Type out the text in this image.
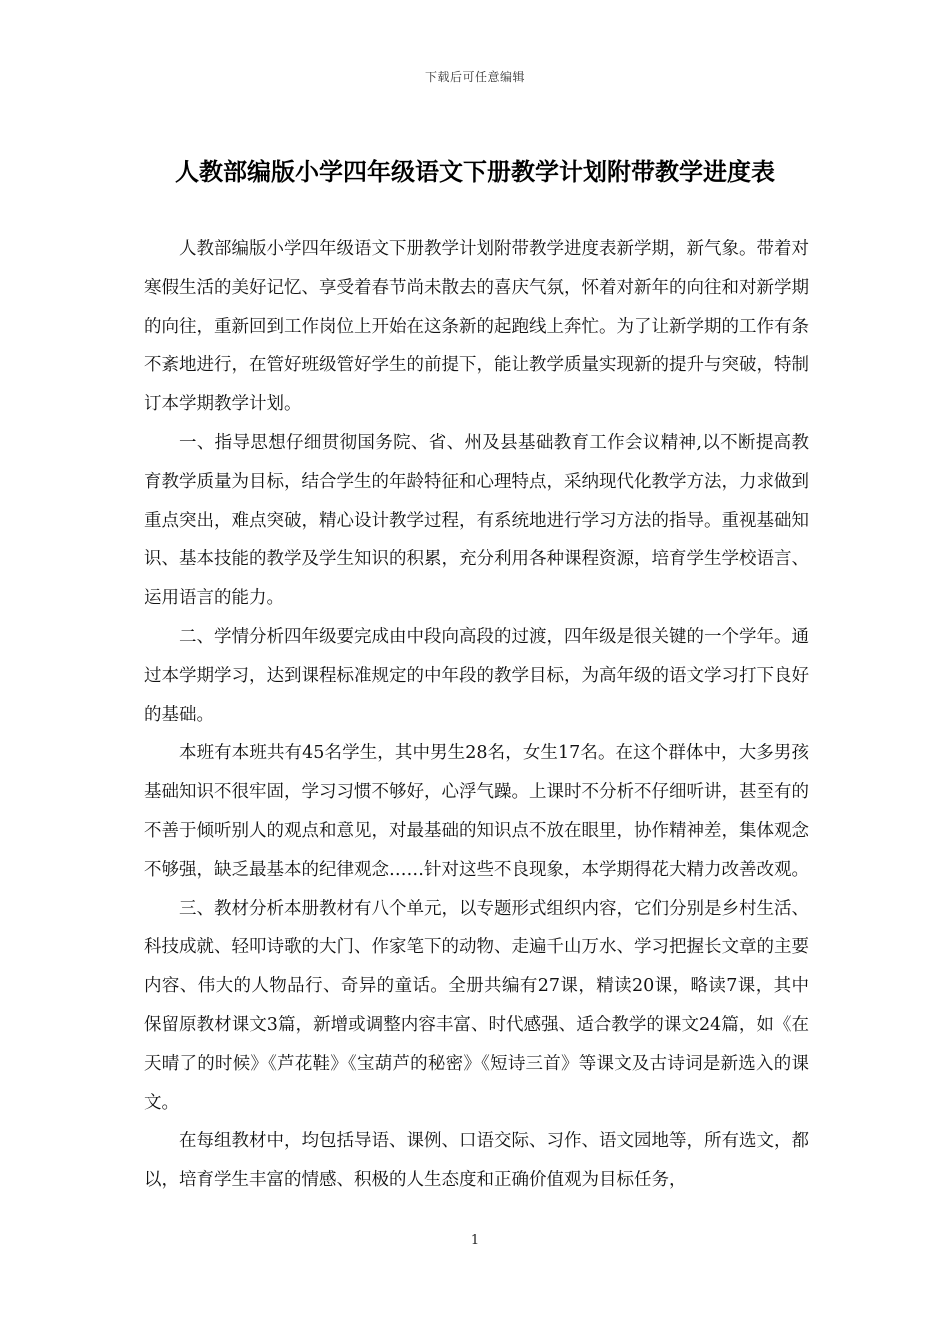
下载后可任意编辑
人教部编版小学四年级语文下册教学计划附带教学进度表

人教部编版小学四年级语文下册教学计划附带教学进度表新学期，新气象。带着对寒假生活的美好记忆、享受着春节尚未散去的喜庆气氛，怀着对新年的向往和对新学期的向往，重新回到工作岗位上开始在这条新的起跑线上奔忙。为了让新学期的工作有条不紊地进行，在管好班级管好学生的前提下，能让教学质量实现新的提升与突破，特制订本学期教学计划。

一、指导思想仔细贯彻国务院、省、州及县基础教育工作会议精神,以不断提高教育教学质量为目标，结合学生的年龄特征和心理特点，采纳现代化教学方法，力求做到重点突出，难点突破，精心设计教学过程，有系统地进行学习方法的指导。重视基础知识、基本技能的教学及学生知识的积累，充分利用各种课程资源，培育学生学校语言、运用语言的能力。

二、学情分析四年级要完成由中段向高段的过渡，四年级是很关键的一个学年。通过本学期学习，达到课程标准规定的中年段的教学目标，为高年级的语文学习打下良好的基础。

本班有本班共有45名学生，其中男生28名，女生17名。在这个群体中，大多男孩基础知识不很牢固，学习习惯不够好，心浮气躁。上课时不分析不仔细听讲，甚至有的不善于倾听别人的观点和意见，对最基础的知识点不放在眼里，协作精神差，集体观念不够强，缺乏最基本的纪律观念……针对这些不良现象，本学期得花大精力改善改观。

三、教材分析本册教材有八个单元，以专题形式组织内容，它们分别是乡村生活、科技成就、轻叩诗歌的大门、作家笔下的动物、走遍千山万水、学习把握长文章的主要内容、伟大的人物品行、奇异的童话。全册共编有27课，精读20课，略读7课，其中保留原教材课文3篇，新增或调整内容丰富、时代感强、适合教学的课文24篇，如《在天晴了的时候》《芦花鞋》《宝葫芦的秘密》《短诗三首》等课文及古诗词是新选入的课文。

在每组教材中，均包括导语、课例、口语交际、习作、语文园地等，所有选文，都以，培育学生丰富的情感、积极的人生态度和正确价值观为目标任务，

1
